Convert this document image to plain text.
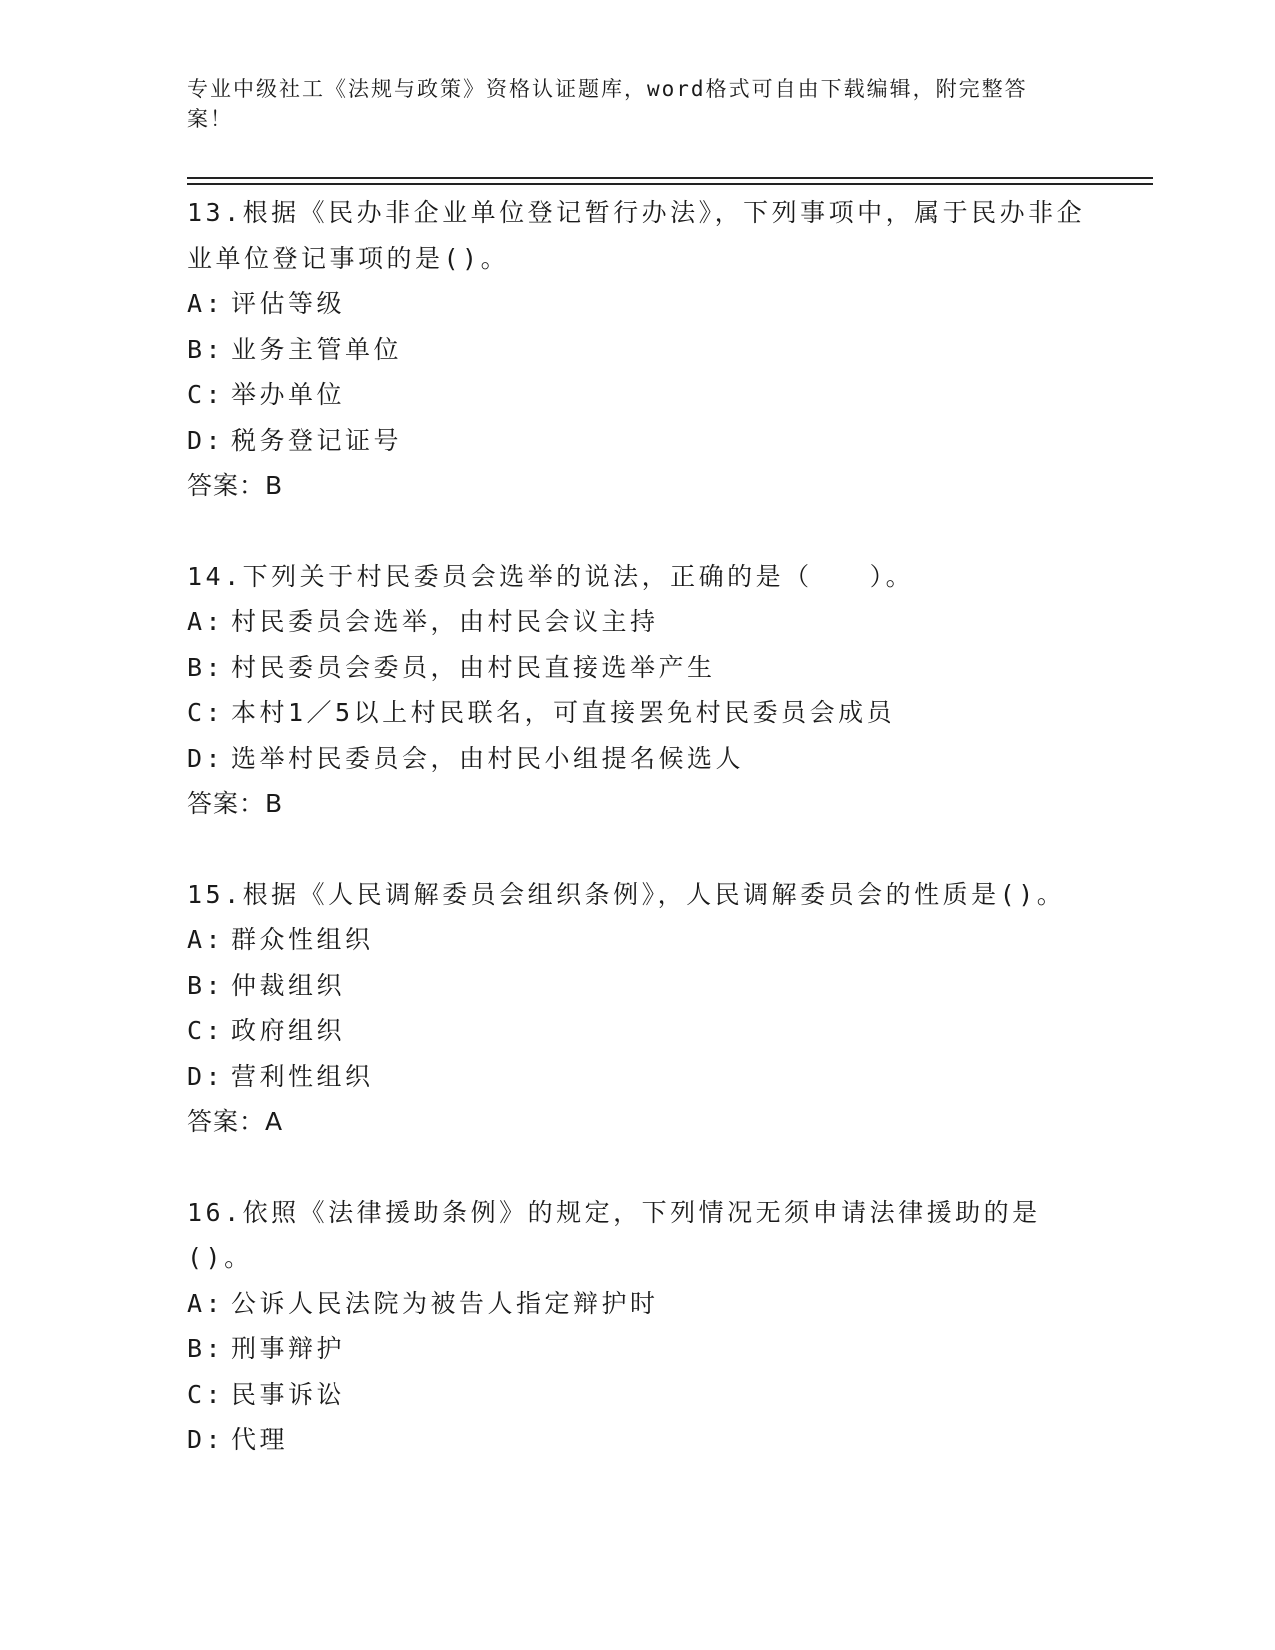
专业中级社工《法规与政策》资格认证题库，word格式可自由下载编辑，附完整答案！

13.根据《民办非企业单位登记暂行办法》，下列事项中，属于民办非企业单位登记事项的是()。

A: 评估等级

B: 业务主管单位

C: 举办单位

D: 税务登记证号

答案：B

14.下列关于村民委员会选举的说法，正确的是（　　）。

A: 村民委员会选举，由村民会议主持

B: 村民委员会委员，由村民直接选举产生

C: 本村1／5以上村民联名，可直接罢免村民委员会成员

D: 选举村民委员会，由村民小组提名候选人

答案：B

15.根据《人民调解委员会组织条例》，人民调解委员会的性质是()。

A: 群众性组织

B: 仲裁组织

C: 政府组织

D: 营利性组织

答案：A

16.依照《法律援助条例》的规定，下列情况无须申请法律援助的是()。

A: 公诉人民法院为被告人指定辩护时

B: 刑事辩护

C: 民事诉讼

D: 代理
